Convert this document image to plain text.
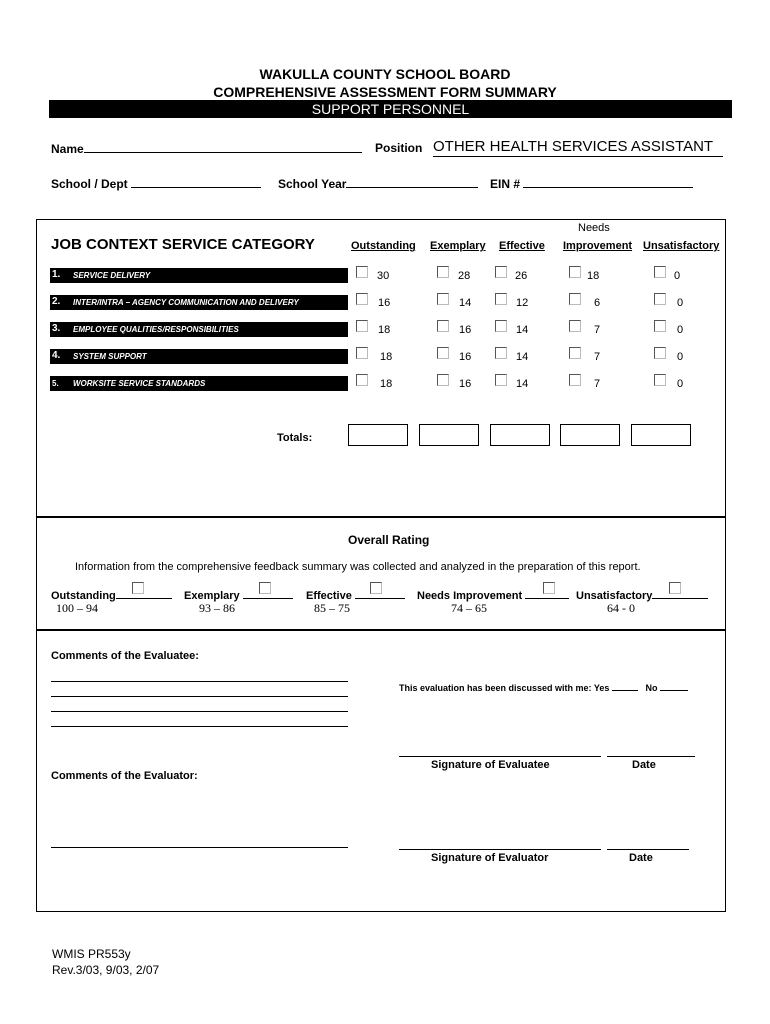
WAKULLA COUNTY SCHOOL BOARD
COMPREHENSIVE ASSESSMENT FORM SUMMARY
SUPPORT PERSONNEL
Name	Position OTHER HEALTH SERVICES ASSISTANT
School / Dept	School Year	EIN #
JOB CONTEXT SERVICE CATEGORY
Needs
Outstanding Exemplary Effective Improvement Unsatisfactory
1. SERVICE DELIVERY	30	28	26	18	0
2. INTER/INTRA – AGENCY COMMUNICATION AND DELIVERY	16	14	12	6	0
3. EMPLOYEE QUALITIES/RESPONSIBILITIES	18	16	14	7	0
4. SYSTEM SUPPORT	18	16	14	7	0
5. WORKSITE SERVICE STANDARDS	18	16	14	7	0
Totals:
Overall Rating
Information from the comprehensive feedback summary was collected and analyzed in the preparation of this report.
Outstanding
100 – 94
Exemplary
93 – 86
Effective
85 – 75
Needs Improvement
74 – 65
Unsatisfactory
64 - 0
Comments of the Evaluatee:
This evaluation has been discussed with me: Yes	No
Signature of Evaluatee	Date
Comments of the Evaluator:
Signature of Evaluator	Date
WMIS PR553y
Rev.3/03, 9/03, 2/07
